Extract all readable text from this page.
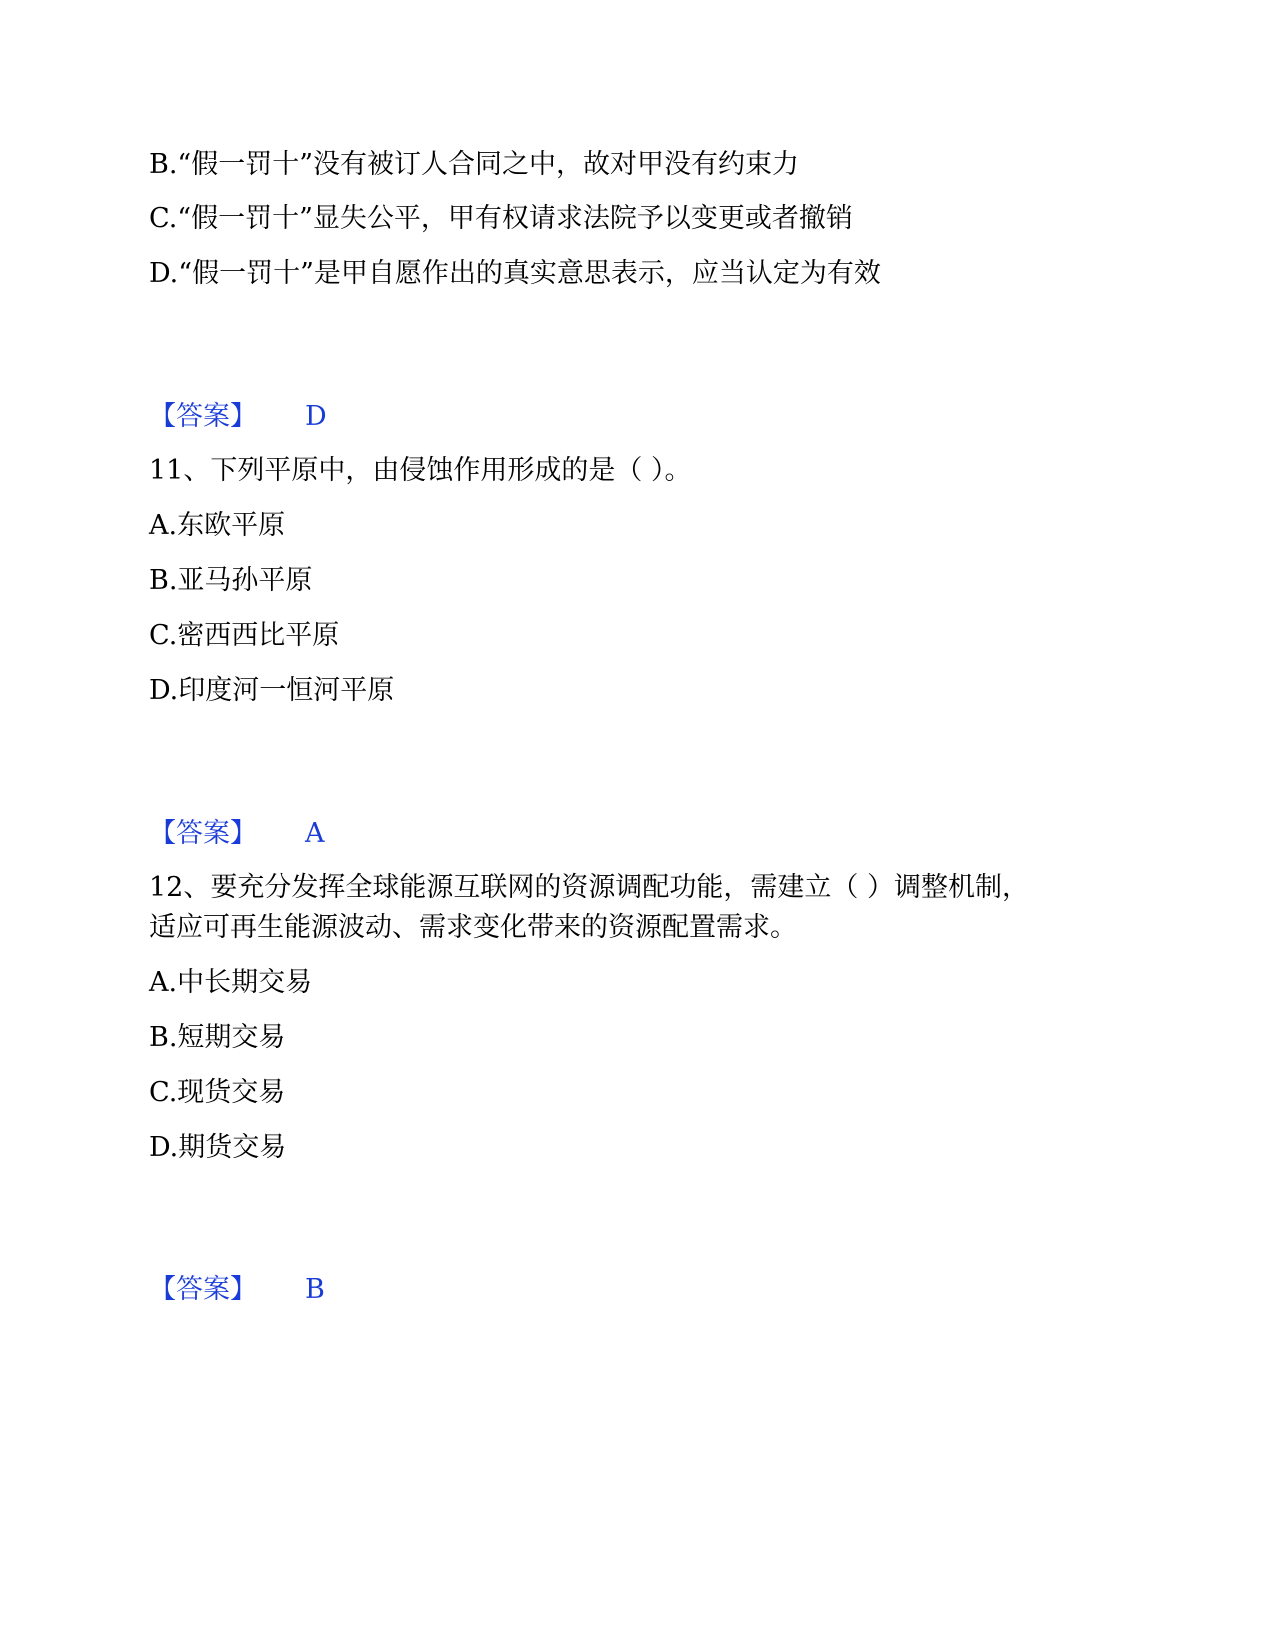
B.“假一罚十”没有被订人合同之中，故对甲没有约束力
C.“假一罚十”显失公平，甲有权请求法院予以变更或者撤销
D.“假一罚十”是甲自愿作出的真实意思表示，应当认定为有效
【答案】 D
11、下列平原中，由侵蚀作用形成的是（ ）。
A.东欧平原
B.亚马孙平原
C.密西西比平原
D.印度河一恒河平原
【答案】 A
12、要充分发挥全球能源互联网的资源调配功能，需建立（ ）调整机制，
适应可再生能源波动、需求变化带来的资源配置需求。
A.中长期交易
B.短期交易
C.现货交易
D.期货交易
【答案】 B
